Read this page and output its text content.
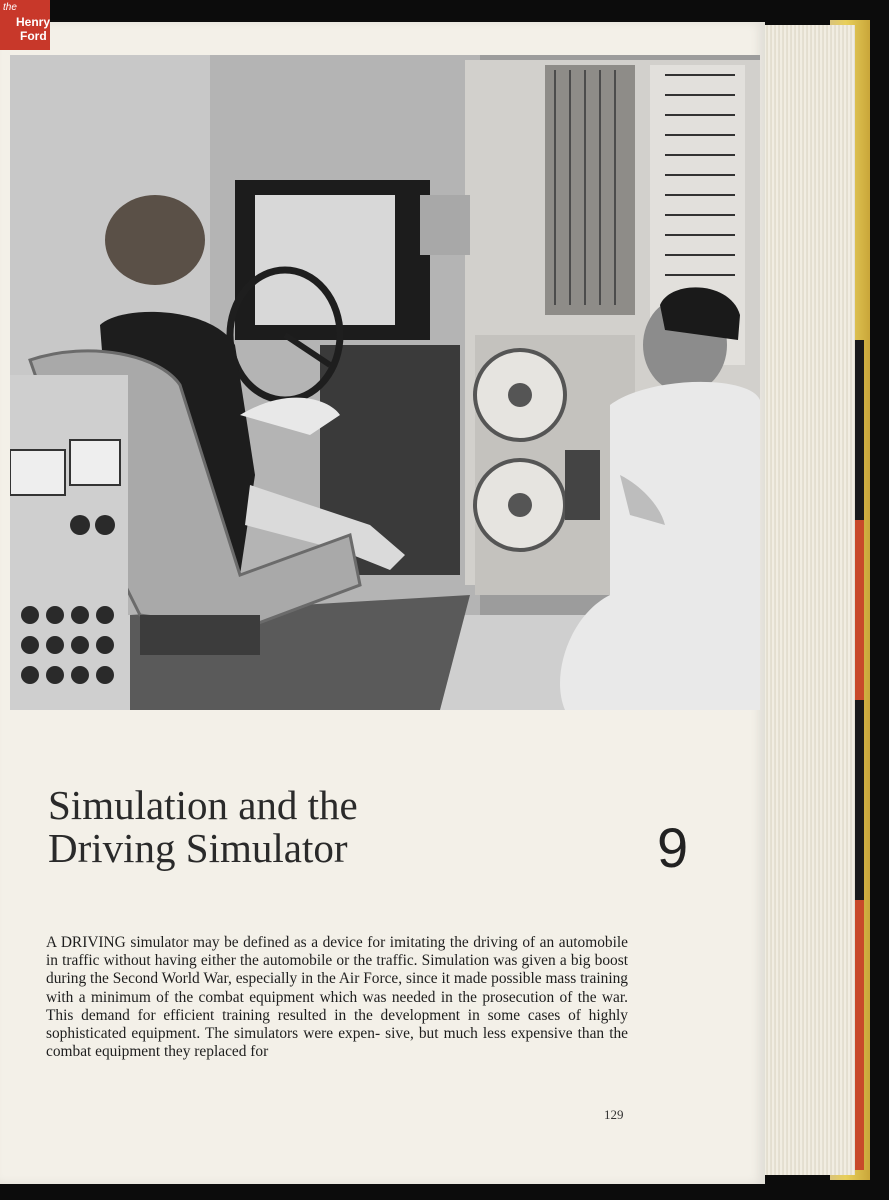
Simulation and the
Driving Simulator	9

A DRIVING simulator may be defined as a device for imitating the driving of an automobile in traffic without having either the automobile or the traffic. Simulation was given a big boost during the Second World War, especially in the Air Force, since it made possible mass training with a minimum of the combat equipment which was needed in the prosecution of the war. This demand for efficient training resulted in the development in some cases of highly sophisticated equipment. The simulators were expen- sive, but much less expensive than the combat equipment they replaced for

129
the
Henry
Ford
